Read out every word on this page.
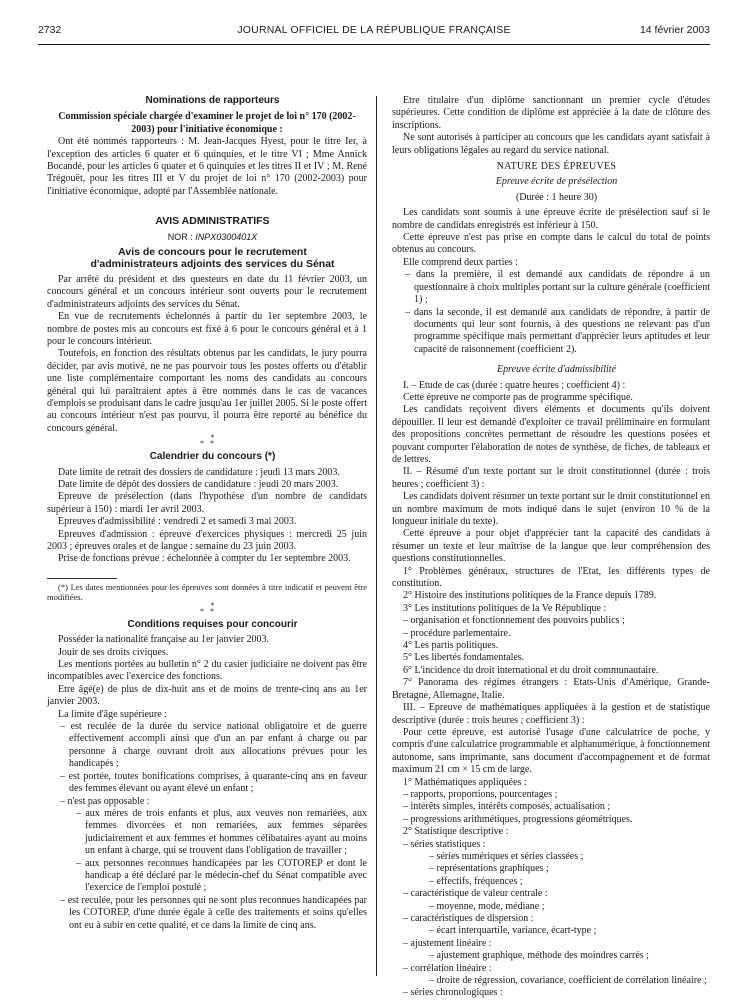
2732	JOURNAL OFFICIEL DE LA RÉPUBLIQUE FRANÇAISE	14 février 2003

Nominations de rapporteurs

Commission spéciale chargée d'examiner le projet de loi n° 170 (2002-2003) pour l'initiative économique :

Ont été nommés rapporteurs : M. Jean-Jacques Hyest, pour le titre Ier, à l'exception des articles 6 quater et 6 quinquies, et le titre VI ; Mme Annick Bocandé, pour les articles 6 quater et 6 quinquies et les titres II et IV ; M. René Trégouët, pour les titres III et V du projet de loi n° 170 (2002-2003) pour l'initiative économique, adopté par l'Assemblée nationale.

AVIS ADMINISTRATIFS

NOR : INPX0300401X

Avis de concours pour le recrutement

d'administrateurs adjoints des services du Sénat

Par arrêté du président et des questeurs en date du 11 février 2003, un concours général et un concours intérieur sont ouverts pour le recrutement d'administrateurs adjoints des services du Sénat.

En vue de recrutements échelonnés à partir du 1er septembre 2003, le nombre de postes mis au concours est fixé à 6 pour le concours général et à 1 pour le concours intérieur.

Toutefois, en fonction des résultats obtenus par les candidats, le jury pourra décider, par avis motivé, ne ne pas pourvoir tous les postes offerts ou d'établir une liste complémentaire comportant les noms des candidats au concours général qui lui paraîtraient aptes à être nommés dans le cas de vacances d'emplois se produisant dans le cadre jusqu'au 1er juillet 2005. Si le poste offert au concours intérieur n'est pas pourvu, il pourra être reporté au bénéfice du concours général.

*
*   *

Calendrier du concours (*)

Date limite de retrait des dossiers de candidature : jeudi 13 mars 2003.

Date limite de dépôt des dossiers de candidature : jeudi 20 mars 2003.

Epreuve de présélection (dans l'hypothèse d'un nombre de candidats supérieur à 150) : mardi 1er avril 2003.

Epreuves d'admissibilité : vendredi 2 et samedi 3 mai 2003.

Epreuves d'admission : épreuve d'exercices physiques : mercredi 25 juin 2003 ; épreuves orales et de langue : semaine du 23 juin 2003.

Prise de fonctions prévue : échelonnée à compter du 1er septembre 2003.

(*) Les dates mentionnées pour les épreuves sont données à titre indicatif et peuvent être modifiées.

*
*   *

Conditions requises pour concourir

Posséder la nationalité française au 1er janvier 2003.

Jouir de ses droits civiques.

Les mentions portées au bulletin n° 2 du casier judiciaire ne doivent pas être incompatibles avec l'exercice des fonctions.

Etre âgé(e) de plus de dix-huit ans et de moins de trente-cinq ans au 1er janvier 2003.

La limite d'âge supérieure :

– est reculée de la durée du service national obligatoire et de guerre effectivement accompli ainsi que d'un an par enfant à charge ou par personne à charge ouvrant droit aux allocations prévues pour les handicapés ;

– est portée, toutes bonifications comprises, à quarante-cinq ans en faveur des femmes élevant ou ayant élevé un enfant ;

– n'est pas opposable :

– aux mères de trois enfants et plus, aux veuves non remariées, aux femmes divorcées et non remariées, aux femmes séparées judiciairement et aux femmes et hommes célibataires ayant au moins un enfant à charge, qui se trouvent dans l'obligation de travailler ;

– aux personnes reconnues handicapées par les COTOREP et dont le handicap a été déclaré par le médecin-chef du Sénat compatible avec l'exercice de l'emploi postulé ;

– est reculée, pour les personnes qui ne sont plus reconnues handicapées par les COTOREP, d'une durée égale à celle des traitements et soins qu'elles ont eu à subir en cette qualité, et ce dans la limite de cinq ans.

Etre titulaire d'un diplôme sanctionnant un premier cycle d'études supérieures. Cette condition de diplôme est appréciée à la date de clôture des inscriptions.

Ne sont autorisés à participer au concours que les candidats ayant satisfait à leurs obligations légales au regard du service national.

NATURE DES ÉPREUVES

Epreuve écrite de présélection

(Durée : 1 heure 30)

Les candidats sont soumis à une épreuve écrite de présélection sauf si le nombre de candidats enregistrés est inférieur à 150.

Cette épreuve n'est pas prise en compte dans le calcul du total de points obtenus au concours.

Elle comprend deux parties :

– dans la première, il est demandé aux candidats de répondre à un questionnaire à choix multiples portant sur la culture générale (coefficient 1) ;

– dans la seconde, il est demandé aux candidats de répondre, à partir de documents qui leur sont fournis, à des questions ne relevant pas d'un programme spécifique mais permettant d'apprécier leurs aptitudes et leur capacité de raisonnement (coefficient 2).

Epreuve écrite d'admissibilité

I. – Etude de cas (durée : quatre heures ; coefficient 4) :

Cette épreuve ne comporte pas de programme spécifique.

Les candidats reçoivent divers éléments et documents qu'ils doivent dépouiller. Il leur est demandé d'exploiter ce travail préliminaire en formulant des propositions concrètes permettant de résoudre les questions posées et pouvant comporter l'élaboration de notes de synthèse, de fiches, de tableaux et de lettres.

II. – Résumé d'un texte portant sur le droit constitutionnel (durée : trois heures ; coefficient 3) :

Les candidats doivent résumer un texte portant sur le droit constitutionnel en un nombre maximum de mots indiqué dans le sujet (environ 10 % de la longueur initiale du texte).

Cette épreuve a pour objet d'apprécier tant la capacité des candidats à résumer un texte et leur maîtrise de la langue que leur compréhension des questions constitutionnelles.

1° Problèmes généraux, structures de l'Etat, les différents types de constitution.

2° Histoire des institutions politiques de la France depuis 1789.

3° Les institutions politiques de la Ve République :

– organisation et fonctionnement des pouvoirs publics ;

– procédure parlementaire.

4° Les partis politiques.

5° Les libertés fondamentales.

6° L'incidence du droit international et du droit communautaire.

7° Panorama des régimes étrangers : Etats-Unis d'Amérique, Grande-Bretagne, Allemagne, Italie.

III. – Epreuve de mathématiques appliquées à la gestion et de statistique descriptive (durée : trois heures ; coefficient 3) :

Pour cette épreuve, est autorisé l'usage d'une calculatrice de poche, y compris d'une calculatrice programmable et alphanumérique, à fonctionnement autonome, sans imprimante, sans document d'accompagnement et de format maximum 21 cm × 15 cm de large.

1° Mathématiques appliquées :

– rapports, proportions, pourcentages ;

– intérêts simples, intérêts composés, actualisation ;

– progressions arithmétiques, progressions géométriques.

2° Statistique descriptive :

– séries statistiques :

– séries numériques et séries classées ;

– représentations graphiques ;

– effectifs, fréquences ;

– caractéristique de valeur centrale :

– moyenne, mode, médiane ;

– caractéristiques de dispersion :

– écart interquartile, variance, écart-type ;

– ajustement linéaire :

– ajustement graphique, méthode des moindres carrés ;

– corrélation linéaire :

– droite de régression, covariance, coefficient de corrélation linéaire ;

– séries chronologiques :
